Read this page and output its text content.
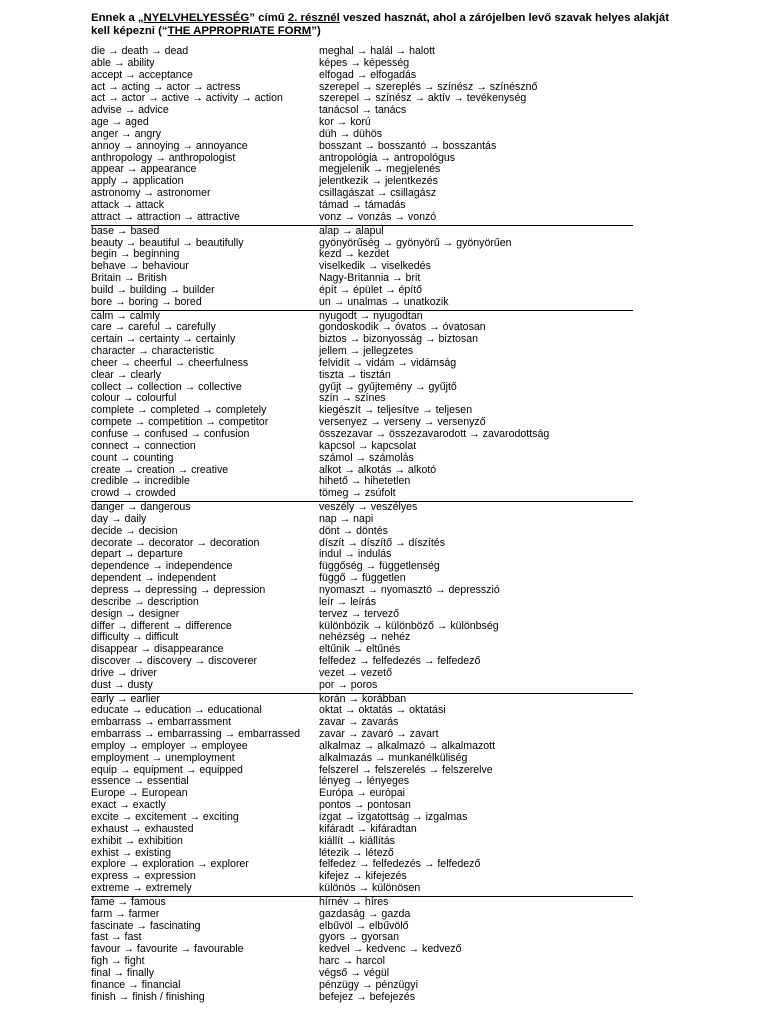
Ennek a „NYELVHELYESSÉG” című 2. résznél veszed hasznát, ahol a zárójelben levő szavak helyes alakját kell képezni (“THE APPROPRIATE FORM”)

die → death → dead	meghal → halál → halott
able → ability	képes → képesség
accept → acceptance	elfogad → elfogadás
act → acting → actor → actress	szerepel → szereplés → színész → színésznő
act → actor → active → activity → action	szerepel → színész → aktív → tevékenység
advise → advice	tanácsol → tanács
age → aged	kor → korú
anger → angry	düh → dühös
annoy → annoying → annoyance	bosszant → bosszantó → bosszantás
anthropology → anthropologist	antropológia → antropológus
appear → appearance	megjelenik → megjelenés
apply → application	jelentkezik → jelentkezés
astronomy → astronomer	csillagászat → csillagász
attack → attack	támad → támadás
attract → attraction → attractive	vonz → vonzás → vonzó
base → based	alap → alapul
beauty → beautiful → beautifully	gyönyörűség → gyönyörű → gyönyörűen
begin → beginning	kezd → kezdet
behave → behaviour	viselkedik → viselkedés
Britain → British	Nagy-Britannia → brit
build → building → builder	épít → épület → építő
bore → boring → bored	un → unalmas → unatkozik
calm → calmly	nyugodt → nyugodtan
care → careful → carefully	gondoskodik → óvatos → óvatosan
certain → certainty → certainly	biztos → bizonyosság → biztosan
character → characteristic	jellem → jellegzetes
cheer → cheerful → cheerfulness	felvidít → vidám → vidámság
clear → clearly	tiszta → tisztán
collect → collection → collective	gyűjt → gyűjtemény → gyűjtő
colour → colourful	szín → színes
complete → completed → completely	kiegészít → teljesítve → teljesen
compete → competition → competitor	versenyez → verseny → versenyző
confuse → confused → confusion	összezavar → összezavarodott → zavarodottság
connect → connection	kapcsol → kapcsolat
count → counting	számol → számolás
create → creation → creative	alkot → alkotás → alkotó
credible → incredible	hihető → hihetetlen
crowd → crowded	tömeg → zsúfolt
danger → dangerous	veszély → veszélyes
day → daily	nap → napi
decide → decision	dönt → döntés
decorate → decorator → decoration	díszít → díszítő → díszítés
depart → departure	indul → indulás
dependence → independence	függőség → függetlenség
dependent → independent	függő → független
depress → depressing → depression	nyomaszt → nyomasztó → depresszió
describe → description	leír → leírás
design → designer	tervez → tervező
differ → different → difference	különbözik → különböző → különbség
difficulty → difficult	nehézség → nehéz
disappear → disappearance	eltűnik → eltűnés
discover → discovery → discoverer	felfedez → felfedezés → felfedező
drive → driver	vezet → vezető
dust → dusty	por → poros
early → earlier	korán → korábban
educate → education → educational	oktat → oktatás → oktatási
embarrass → embarrassment	zavar → zavarás
embarrass → embarrassing → embarrassed	zavar → zavaró → zavart
employ → employer → employee	alkalmaz → alkalmazó → alkalmazott
employment → unemployment	alkalmazás → munkanélküliség
equip → equipment → equipped	felszerel → felszerelés → felszerelve
essence → essential	lényeg → lényeges
Europe → European	Európa → európai
exact → exactly	pontos → pontosan
excite → excitement → exciting	izgat → izgatottság → izgalmas
exhaust → exhausted	kifáradt → kifáradtan
exhibit → exhibition	kiállít → kiállítás
exhist → existing	létezik → létező
explore → exploration → explorer	felfedez → felfedezés → felfedező
express → expression	kifejez → kifejezés
extreme → extremely	különös → különösen
fame → famous	hírnév → híres
farm → farmer	gazdaság → gazda
fascinate → fascinating	elbűvöl → elbűvölő
fast → fast	gyors → gyorsan
favour → favourite → favourable	kedvel → kedvenc → kedvező
figh → fight	harc → harcol
final → finally	végső → végül
finance → financial	pénzügy → pénzügyi
finish → finish / finishing	befejez → befejezés
